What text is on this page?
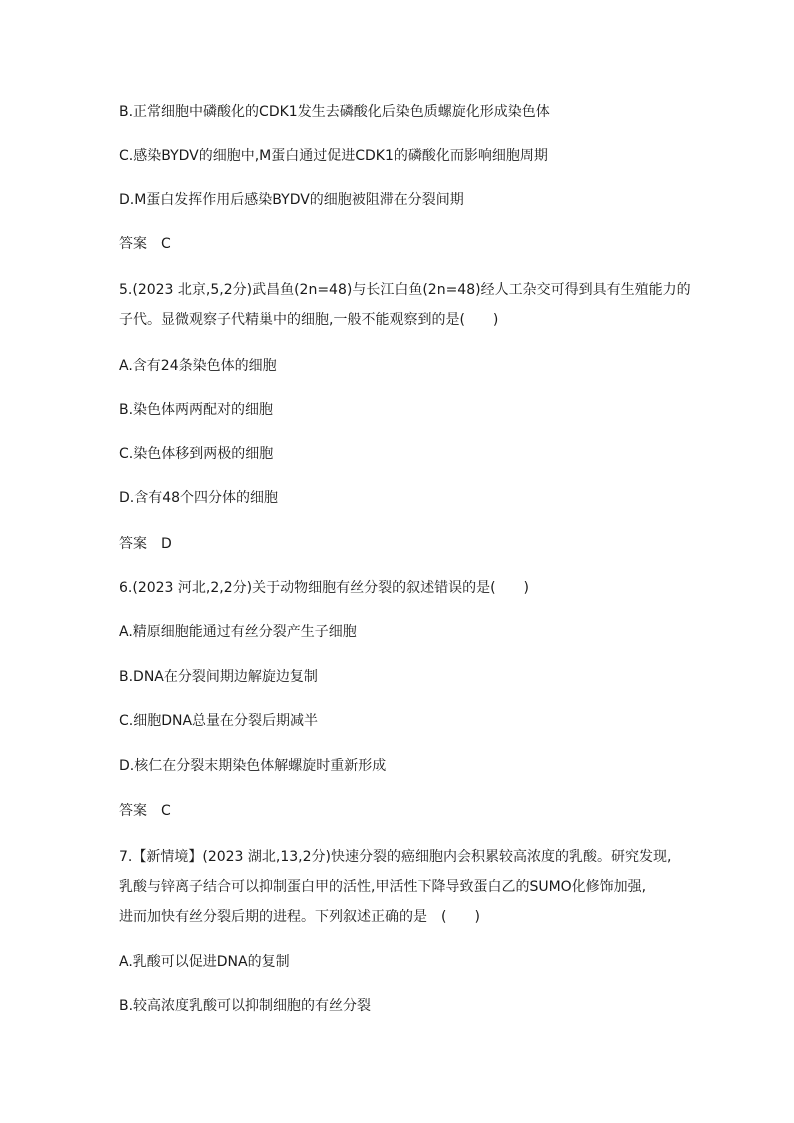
B.正常细胞中磷酸化的CDK1发生去磷酸化后染色质螺旋化形成染色体
C.感染BYDV的细胞中,M蛋白通过促进CDK1的磷酸化而影响细胞周期
D.M蛋白发挥作用后感染BYDV的细胞被阻滞在分裂间期
答案 C
5.(2023 北京,5,2分)武昌鱼(2n=48)与长江白鱼(2n=48)经人工杂交可得到具有生殖能力的
子代。显微观察子代精巢中的细胞,一般不能观察到的是(　　)
A.含有24条染色体的细胞
B.染色体两两配对的细胞
C.染色体移到两极的细胞
D.含有48个四分体的细胞
答案 D
6.(2023 河北,2,2分)关于动物细胞有丝分裂的叙述错误的是(　　)
A.精原细胞能通过有丝分裂产生子细胞
B.DNA在分裂间期边解旋边复制
C.细胞DNA总量在分裂后期减半
D.核仁在分裂末期染色体解螺旋时重新形成
答案 C
7.【新情境】(2023 湖北,13,2分)快速分裂的癌细胞内会积累较高浓度的乳酸。研究发现,
乳酸与锌离子结合可以抑制蛋白甲的活性,甲活性下降导致蛋白乙的SUMO化修饰加强,
进而加快有丝分裂后期的进程。下列叙述正确的是　(　　)
A.乳酸可以促进DNA的复制
B.较高浓度乳酸可以抑制细胞的有丝分裂
